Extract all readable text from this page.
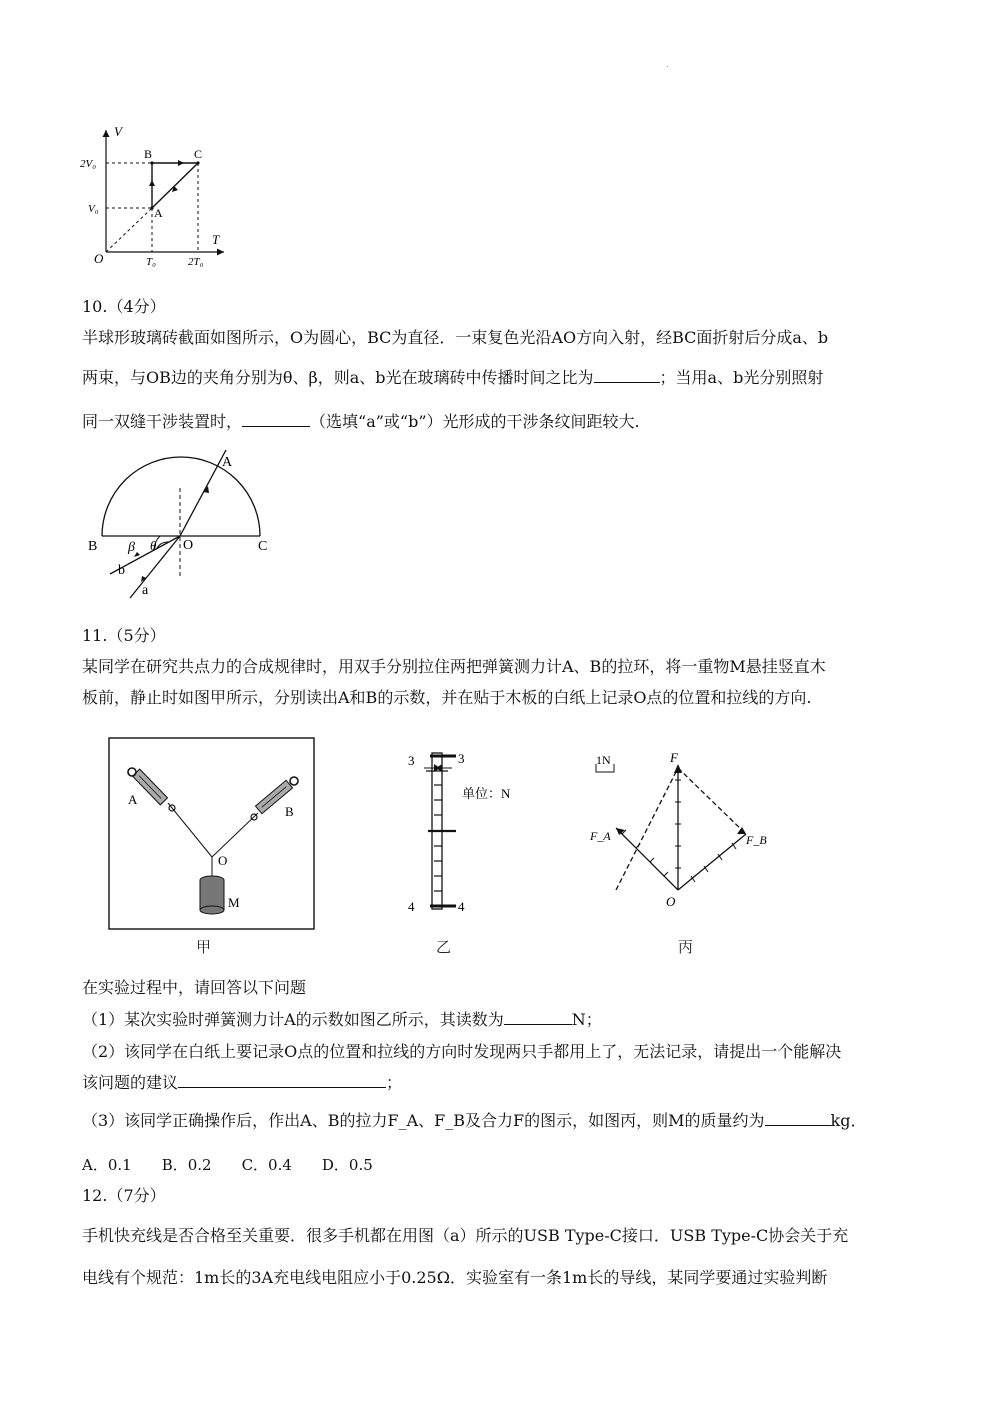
.
V
T
O
A
B	C
2V₀
V₀
T₀	2T₀
10.（4分）
半球形玻璃砖截面如图所示，O为圆心，BC为直径．一束复色光沿AO方向入射，经BC面折射后分成a、b
两束，与OB边的夹角分别为θ、β，则a、b光在玻璃砖中传播时间之比为	；当用a、b光分别照射
同一双缝干涉装置时，	（选填“a”或“b”）光形成的干涉条纹间距较大.
A
B	O	C
β θ
b
a
11.（5分）
某同学在研究共点力的合成规律时，用双手分别拉住两把弹簧测力计A、B的拉环，将一重物M悬挂竖直木
板前，静止时如图甲所示，分别读出A和B的示数，并在贴于木板的白纸上记录O点的位置和拉线的方向.
A
B
O
M
甲
3	3
4	4
单位：N
乙
1N	F
F_A	F_B
O
丙
在实验过程中，请回答以下问题
（1）某次实验时弹簧测力计A的示数如图乙所示，其读数为	N；
（2）该同学在白纸上要记录O点的位置和拉线的方向时发现两只手都用上了，无法记录，请提出一个能解决
该问题的建议	；
（3）该同学正确操作后，作出A、B的拉力F_A、F_B及合力F的图示，如图丙，则M的质量约为	kg．
A．0.1　　B．0.2　　C．0.4　　D．0.5
12.（7分）
手机快充线是否合格至关重要．很多手机都在用图（a）所示的USB Type-C接口．USB Type-C协会关于充
电线有个规范：1m长的3A充电线电阻应小于0.25Ω．实验室有一条1m长的导线，某同学要通过实验判断
